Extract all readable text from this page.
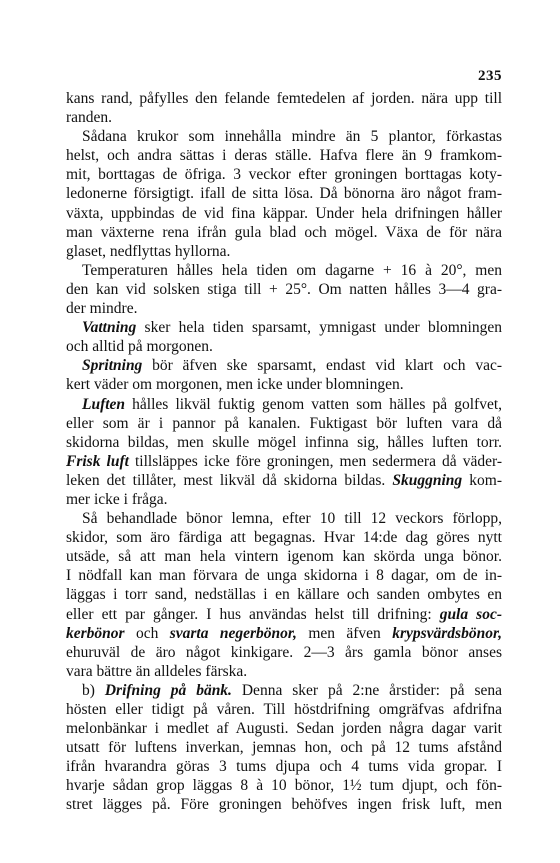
235
kans rand, påfylles den felande femtedelen af jorden. nära upp till
randen.
Sådana krukor som innehålla mindre än 5 plantor, förkastas
helst, och andra sättas i deras ställe. Hafva flere än 9 framkom-
mit, borttagas de öfriga. 3 veckor efter groningen borttagas koty-
ledonerne försigtigt. ifall de sitta lösa. Då bönorna äro något fram-
växta, uppbindas de vid fina käppar. Under hela drifningen håller
man växterne rena ifrån gula blad och mögel. Växa de för nära
glaset, nedflyttas hyllorna.
Temperaturen hålles hela tiden om dagarne + 16 à 20°, men
den kan vid solsken stiga till + 25°. Om natten hålles 3—4 gra-
der mindre.
Vattning sker hela tiden sparsamt, ymnigast under blomningen
och alltid på morgonen.
Spritning bör äfven ske sparsamt, endast vid klart och vac-
kert väder om morgonen, men icke under blomningen.
Luften hålles likväl fuktig genom vatten som hälles på golfvet,
eller som är i pannor på kanalen. Fuktigast bör luften vara då
skidorna bildas, men skulle mögel infinna sig, hålles luften torr.
Frisk luft tillsläppes icke före groningen, men sedermera då väder-
leken det tillåter, mest likväl då skidorna bildas. Skuggning kom-
mer icke i fråga.
Så behandlade bönor lemna, efter 10 till 12 veckors förlopp,
skidor, som äro färdiga att begagnas. Hvar 14:de dag göres nytt
utsäde, så att man hela vintern igenom kan skörda unga bönor.
I nödfall kan man förvara de unga skidorna i 8 dagar, om de in-
läggas i torr sand, nedställas i en källare och sanden ombytes en
eller ett par gånger. I hus användas helst till drifning: gula soc-
kerbönor och svarta negerbönor, men äfven krypsvärdsbönor,
ehuruväl de äro något kinkigare. 2—3 års gamla bönor anses
vara bättre än alldeles färska.
b) Drifning på bänk. Denna sker på 2:ne årstider: på sena
hösten eller tidigt på våren. Till höstdrifning omgräfvas afdrifna
melonbänkar i medlet af Augusti. Sedan jorden några dagar varit
utsatt för luftens inverkan, jemnas hon, och på 12 tums afstånd
ifrån hvarandra göras 3 tums djupa och 4 tums vida gropar. I
hvarje sådan grop läggas 8 à 10 bönor, 1½ tum djupt, och fön-
stret lägges på. Före groningen behöfves ingen frisk luft, men
